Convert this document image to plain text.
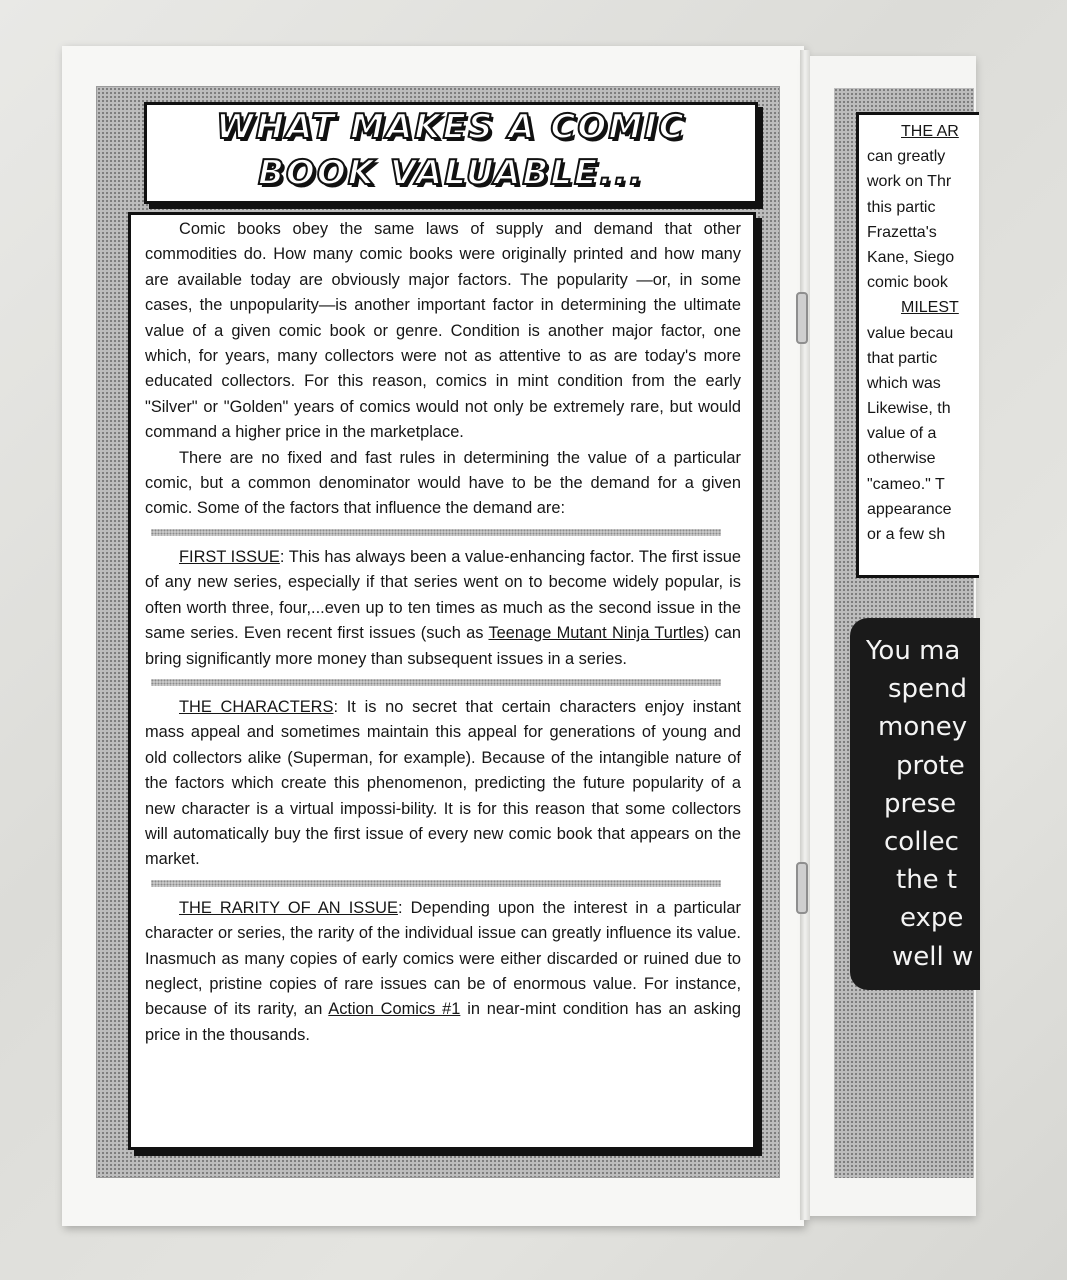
WHAT MAKES A COMIC
BOOK VALUABLE...

Comic books obey the same laws of supply and demand that other commodities do. How many comic books were originally printed and how many are available today are obviously major factors. The popularity —or, in some cases, the unpopularity—is another important factor in determining the ultimate value of a given comic book or genre. Condition is another major factor, one which, for years, many collectors were not as attentive to as are today's more educated collectors. For this reason, comics in mint condition from the early "Silver" or "Golden" years of comics would not only be extremely rare, but would command a higher price in the marketplace.

There are no fixed and fast rules in determining the value of a particular comic, but a common denominator would have to be the demand for a given comic. Some of the factors that influence the demand are:

FIRST ISSUE: This has always been a value-enhancing factor. The first issue of any new series, especially if that series went on to become widely popular, is often worth three, four,...even up to ten times as much as the second issue in the same series. Even recent first issues (such as Teenage Mutant Ninja Turtles) can bring significantly more money than subsequent issues in a series.

THE CHARACTERS: It is no secret that certain characters enjoy instant mass appeal and sometimes maintain this appeal for generations of young and old collectors alike (Superman, for example). Because of the intangible nature of the factors which create this phenomenon, predicting the future popularity of a new character is a virtual impossi-bility. It is for this reason that some collectors will automatically buy the first issue of every new comic book that appears on the market.

THE RARITY OF AN ISSUE: Depending upon the interest in a particular character or series, the rarity of the individual issue can greatly influence its value. Inasmuch as many copies of early comics were either discarded or ruined due to neglect, pristine copies of rare issues can be of enormous value. For instance, because of its rarity, an Action Comics #1 in near-mint condition has an asking price in the thousands.

THE AR
can greatly
work on Thr
this partic
Frazetta's
Kane, Siego
comic book
MILEST
value becau
that partic
which was
Likewise, th
value of a
otherwise
"cameo." T
appearance
or a few sh
You ma
spend
money
prote
prese
collec
the t
expe
well w
